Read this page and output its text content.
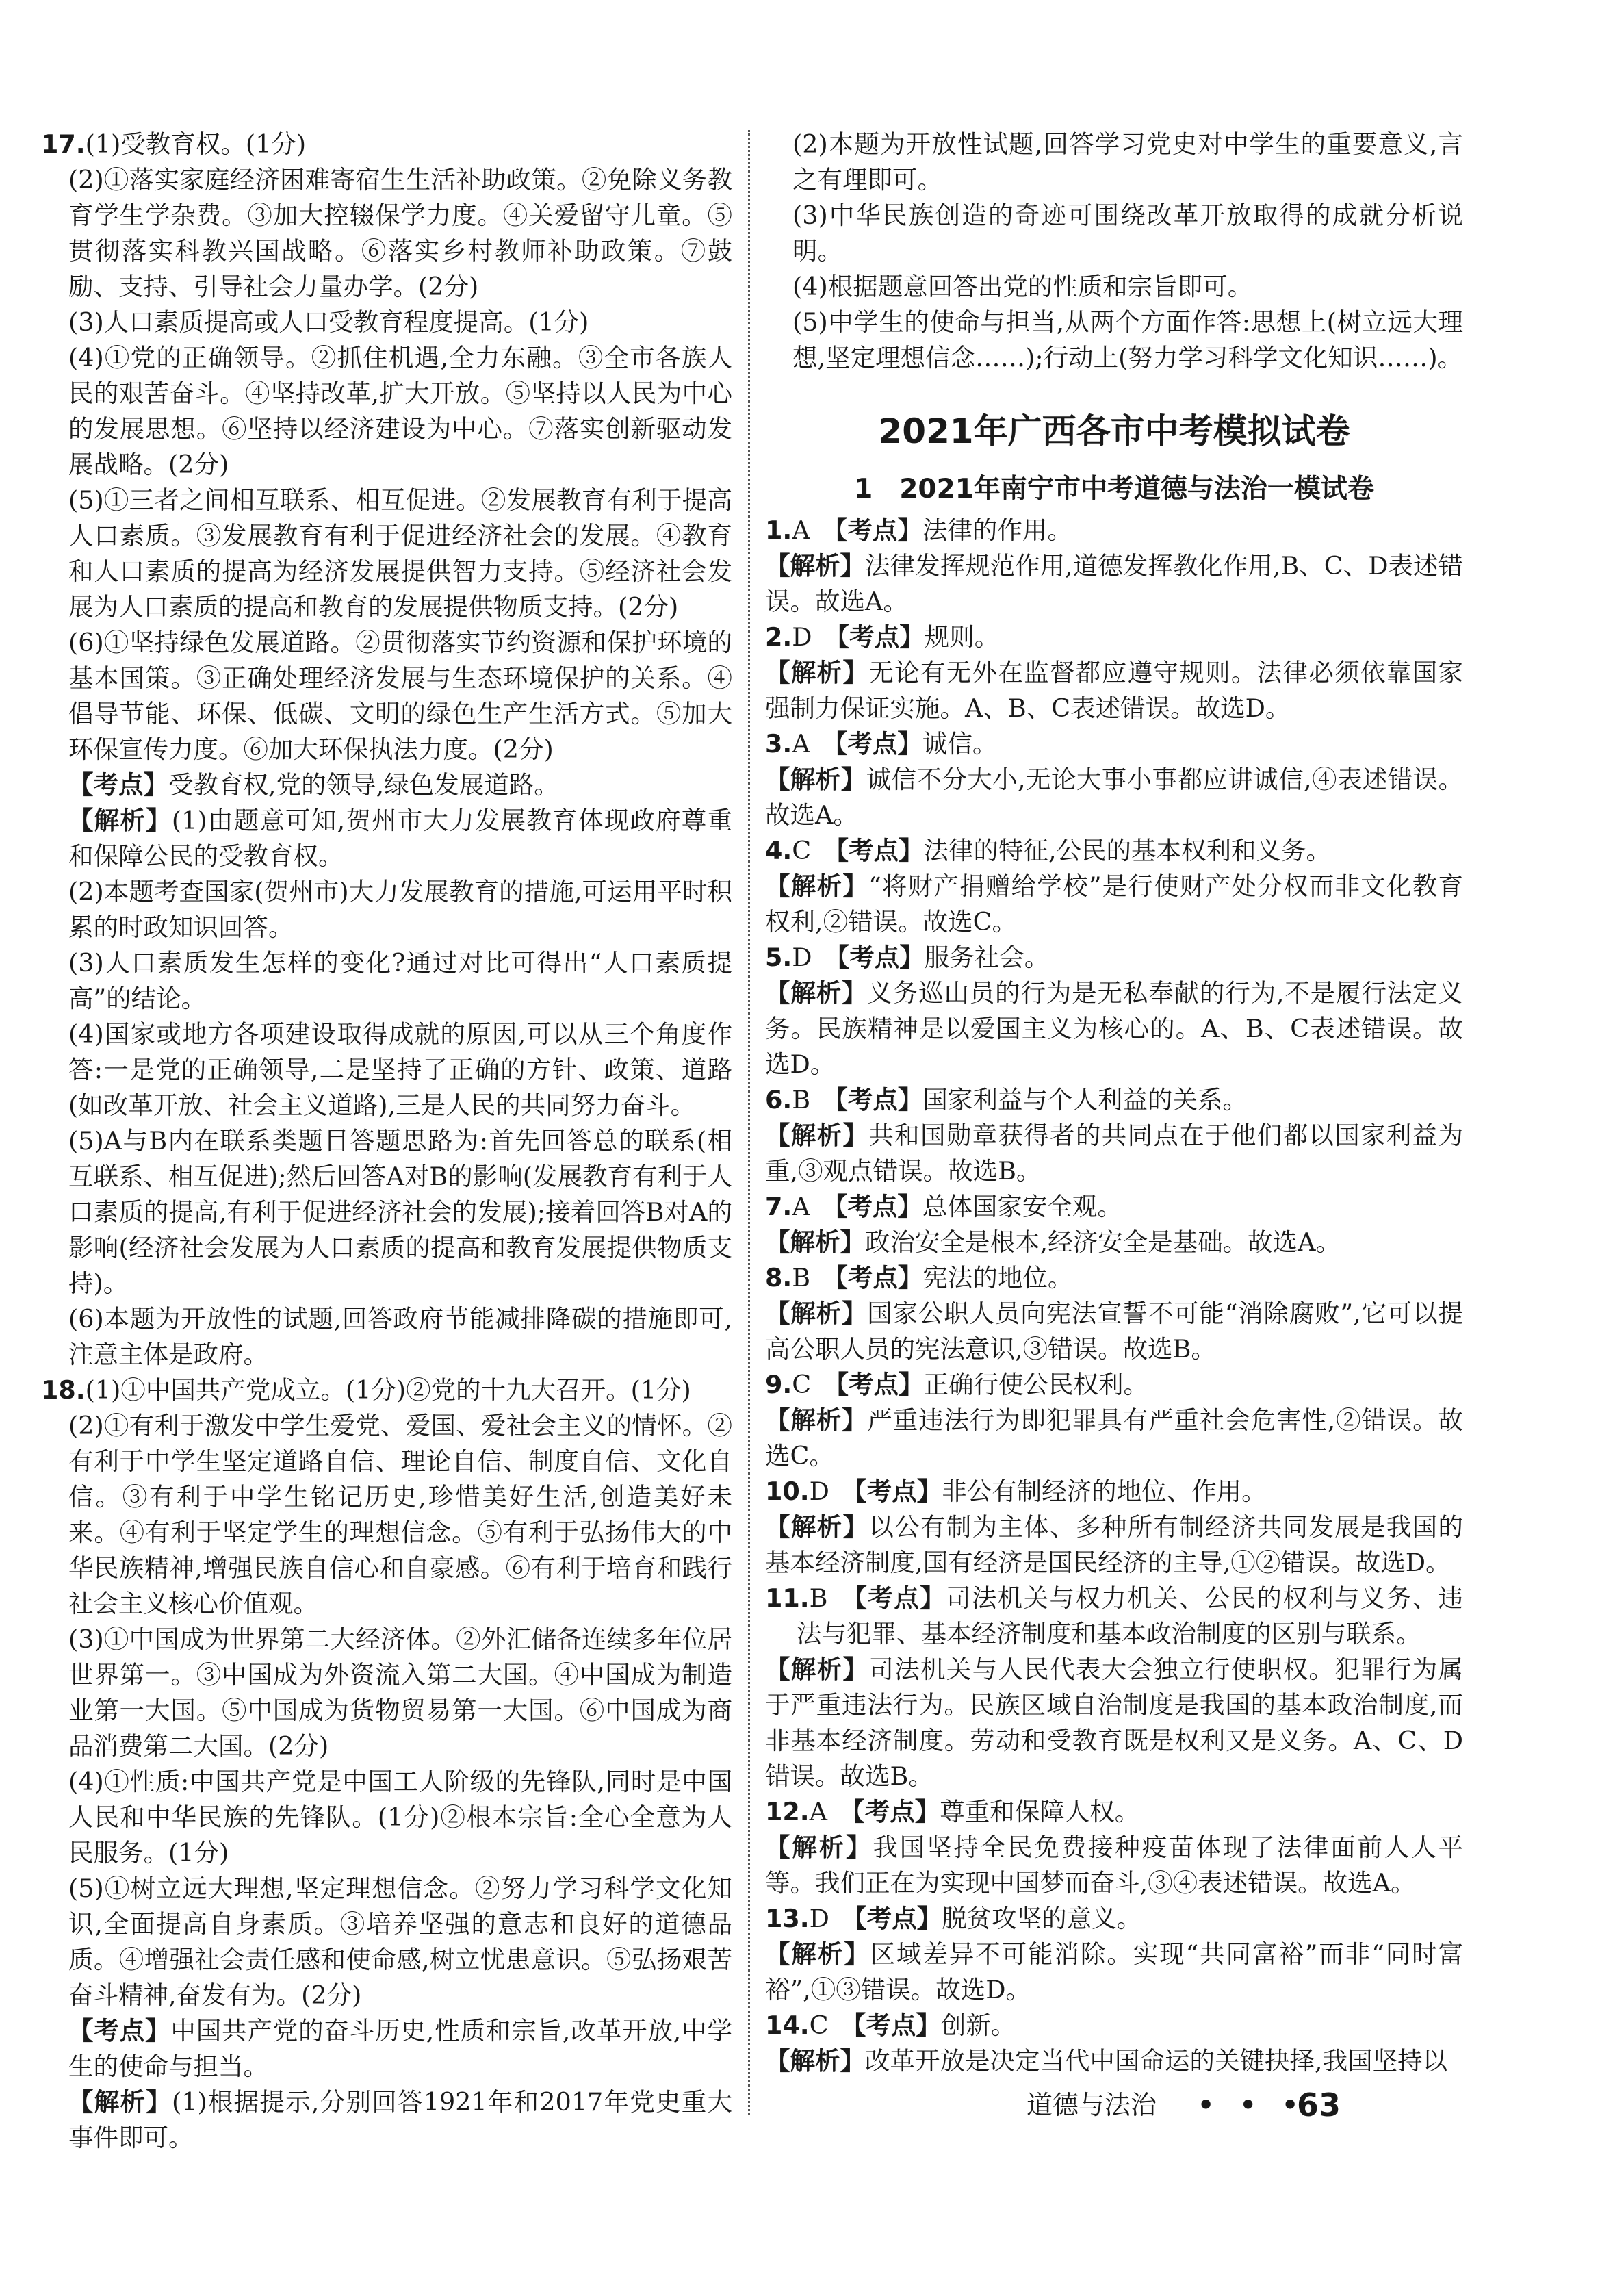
17.(1)受教育权。(1分)

(2)①落实家庭经济困难寄宿生生活补助政策。②免除义务教育学生学杂费。③加大控辍保学力度。④关爱留守儿童。⑤贯彻落实科教兴国战略。⑥落实乡村教师补助政策。⑦鼓励、支持、引导社会力量办学。(2分)

(3)人口素质提高或人口受教育程度提高。(1分)

(4)①党的正确领导。②抓住机遇,全力东融。③全市各族人民的艰苦奋斗。④坚持改革,扩大开放。⑤坚持以人民为中心的发展思想。⑥坚持以经济建设为中心。⑦落实创新驱动发展战略。(2分)

(5)①三者之间相互联系、相互促进。②发展教育有利于提高人口素质。③发展教育有利于促进经济社会的发展。④教育和人口素质的提高为经济发展提供智力支持。⑤经济社会发展为人口素质的提高和教育的发展提供物质支持。(2分)

(6)①坚持绿色发展道路。②贯彻落实节约资源和保护环境的基本国策。③正确处理经济发展与生态环境保护的关系。④倡导节能、环保、低碳、文明的绿色生产生活方式。⑤加大环保宣传力度。⑥加大环保执法力度。(2分)

【考点】受教育权,党的领导,绿色发展道路。

【解析】(1)由题意可知,贺州市大力发展教育体现政府尊重和保障公民的受教育权。

(2)本题考查国家(贺州市)大力发展教育的措施,可运用平时积累的时政知识回答。

(3)人口素质发生怎样的变化?通过对比可得出“人口素质提高”的结论。

(4)国家或地方各项建设取得成就的原因,可以从三个角度作答:一是党的正确领导,二是坚持了正确的方针、政策、道路(如改革开放、社会主义道路),三是人民的共同努力奋斗。

(5)A与B内在联系类题目答题思路为:首先回答总的联系(相互联系、相互促进);然后回答A对B的影响(发展教育有利于人口素质的提高,有利于促进经济社会的发展);接着回答B对A的影响(经济社会发展为人口素质的提高和教育发展提供物质支持)。

(6)本题为开放性的试题,回答政府节能减排降碳的措施即可,注意主体是政府。

18.(1)①中国共产党成立。(1分)②党的十九大召开。(1分)

(2)①有利于激发中学生爱党、爱国、爱社会主义的情怀。②有利于中学生坚定道路自信、理论自信、制度自信、文化自信。③有利于中学生铭记历史,珍惜美好生活,创造美好未来。④有利于坚定学生的理想信念。⑤有利于弘扬伟大的中华民族精神,增强民族自信心和自豪感。⑥有利于培育和践行社会主义核心价值观。

(3)①中国成为世界第二大经济体。②外汇储备连续多年位居世界第一。③中国成为外资流入第二大国。④中国成为制造业第一大国。⑤中国成为货物贸易第一大国。⑥中国成为商品消费第二大国。(2分)

(4)①性质:中国共产党是中国工人阶级的先锋队,同时是中国人民和中华民族的先锋队。(1分)②根本宗旨:全心全意为人民服务。(1分)

(5)①树立远大理想,坚定理想信念。②努力学习科学文化知识,全面提高自身素质。③培养坚强的意志和良好的道德品质。④增强社会责任感和使命感,树立忧患意识。⑤弘扬艰苦奋斗精神,奋发有为。(2分)

【考点】中国共产党的奋斗历史,性质和宗旨,改革开放,中学生的使命与担当。

【解析】(1)根据提示,分别回答1921年和2017年党史重大事件即可。

(2)本题为开放性试题,回答学习党史对中学生的重要意义,言之有理即可。

(3)中华民族创造的奇迹可围绕改革开放取得的成就分析说明。

(4)根据题意回答出党的性质和宗旨即可。

(5)中学生的使命与担当,从两个方面作答:思想上(树立远大理想,坚定理想信念……);行动上(努力学习科学文化知识……)。

2021年广西各市中考模拟试卷
1　2021年南宁市中考道德与法治一模试卷

1.A　 【考点】法律的作用。

【解析】法律发挥规范作用,道德发挥教化作用,B、C、D表述错误。故选A。

2.D　 【考点】规则。

【解析】无论有无外在监督都应遵守规则。法律必须依靠国家强制力保证实施。A、B、C表述错误。故选D。

3.A　 【考点】诚信。

【解析】诚信不分大小,无论大事小事都应讲诚信,④表述错误。故选A。

4.C　 【考点】法律的特征,公民的基本权利和义务。

【解析】“将财产捐赠给学校”是行使财产处分权而非文化教育权利,②错误。故选C。

5.D　 【考点】服务社会。

【解析】义务巡山员的行为是无私奉献的行为,不是履行法定义务。民族精神是以爱国主义为核心的。A、B、C表述错误。故选D。

6.B　 【考点】国家利益与个人利益的关系。

【解析】共和国勋章获得者的共同点在于他们都以国家利益为重,③观点错误。故选B。

7.A　 【考点】总体国家安全观。

【解析】政治安全是根本,经济安全是基础。故选A。

8.B　 【考点】宪法的地位。

【解析】国家公职人员向宪法宣誓不可能“消除腐败”,它可以提高公职人员的宪法意识,③错误。故选B。

9.C　 【考点】正确行使公民权利。

【解析】严重违法行为即犯罪具有严重社会危害性,②错误。故选C。

10.D　 【考点】非公有制经济的地位、作用。

【解析】以公有制为主体、多种所有制经济共同发展是我国的基本经济制度,国有经济是国民经济的主导,①②错误。故选D。

11.B　 【考点】司法机关与权力机关、公民的权利与义务、违法与犯罪、基本经济制度和基本政治制度的区别与联系。

【解析】司法机关与人民代表大会独立行使职权。犯罪行为属于严重违法行为。民族区域自治制度是我国的基本政治制度,而非基本经济制度。劳动和受教育既是权利又是义务。A、C、D错误。故选B。

12.A　 【考点】尊重和保障人权。

【解析】我国坚持全民免费接种疫苗体现了法律面前人人平等。我们正在为实现中国梦而奋斗,③④表述错误。故选A。

13.D　 【考点】脱贫攻坚的意义。

【解析】区域差异不可能消除。实现“共同富裕”而非“同时富裕”,①③错误。故选D。

14.C　 【考点】创新。

【解析】改革开放是决定当代中国命运的关键抉择,我国坚持以

道德与法治 • • •
63
